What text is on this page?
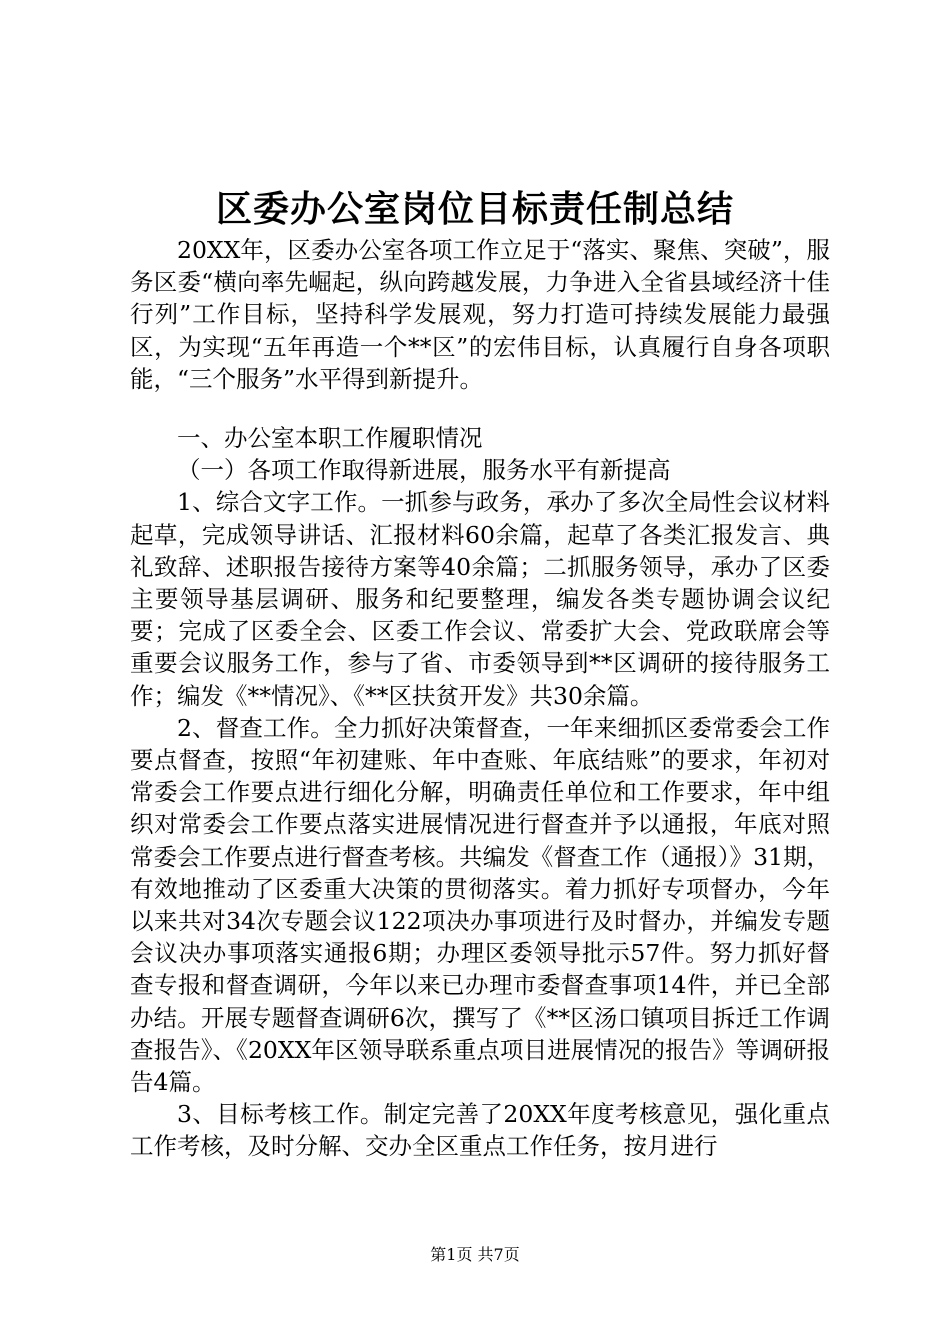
区委办公室岗位目标责任制总结

20XX年，区委办公室各项工作立足于“落实、聚焦、突破”，服务区委“横向率先崛起，纵向跨越发展，力争进入全省县域经济十佳行列”工作目标，坚持科学发展观，努力打造可持续发展能力最强区，为实现“五年再造一个**区”的宏伟目标，认真履行自身各项职能，“三个服务”水平得到新提升。

一、办公室本职工作履职情况

（一）各项工作取得新进展，服务水平有新提高

1、综合文字工作。一抓参与政务，承办了多次全局性会议材料起草，完成领导讲话、汇报材料60余篇，起草了各类汇报发言、典礼致辞、述职报告接待方案等40余篇；二抓服务领导，承办了区委主要领导基层调研、服务和纪要整理，编发各类专题协调会议纪要；完成了区委全会、区委工作会议、常委扩大会、党政联席会等重要会议服务工作，参与了省、市委领导到**区调研的接待服务工作；编发《**情况》、《**区扶贫开发》共30余篇。

2、督查工作。全力抓好决策督查，一年来细抓区委常委会工作要点督查，按照“年初建账、年中查账、年底结账”的要求，年初对常委会工作要点进行细化分解，明确责任单位和工作要求，年中组织对常委会工作要点落实进展情况进行督查并予以通报，年底对照常委会工作要点进行督查考核。共编发《督查工作（通报）》31期，有效地推动了区委重大决策的贯彻落实。着力抓好专项督办，今年以来共对34次专题会议122项决办事项进行及时督办，并编发专题会议决办事项落实通报6期；办理区委领导批示57件。努力抓好督查专报和督查调研，今年以来已办理市委督查事项14件，并已全部办结。开展专题督查调研6次，撰写了《**区汤口镇项目拆迁工作调查报告》、《20XX年区领导联系重点项目进展情况的报告》等调研报告4篇。

3、目标考核工作。制定完善了20XX年度考核意见，强化重点工作考核，及时分解、交办全区重点工作任务，按月进行

第1页 共7页
